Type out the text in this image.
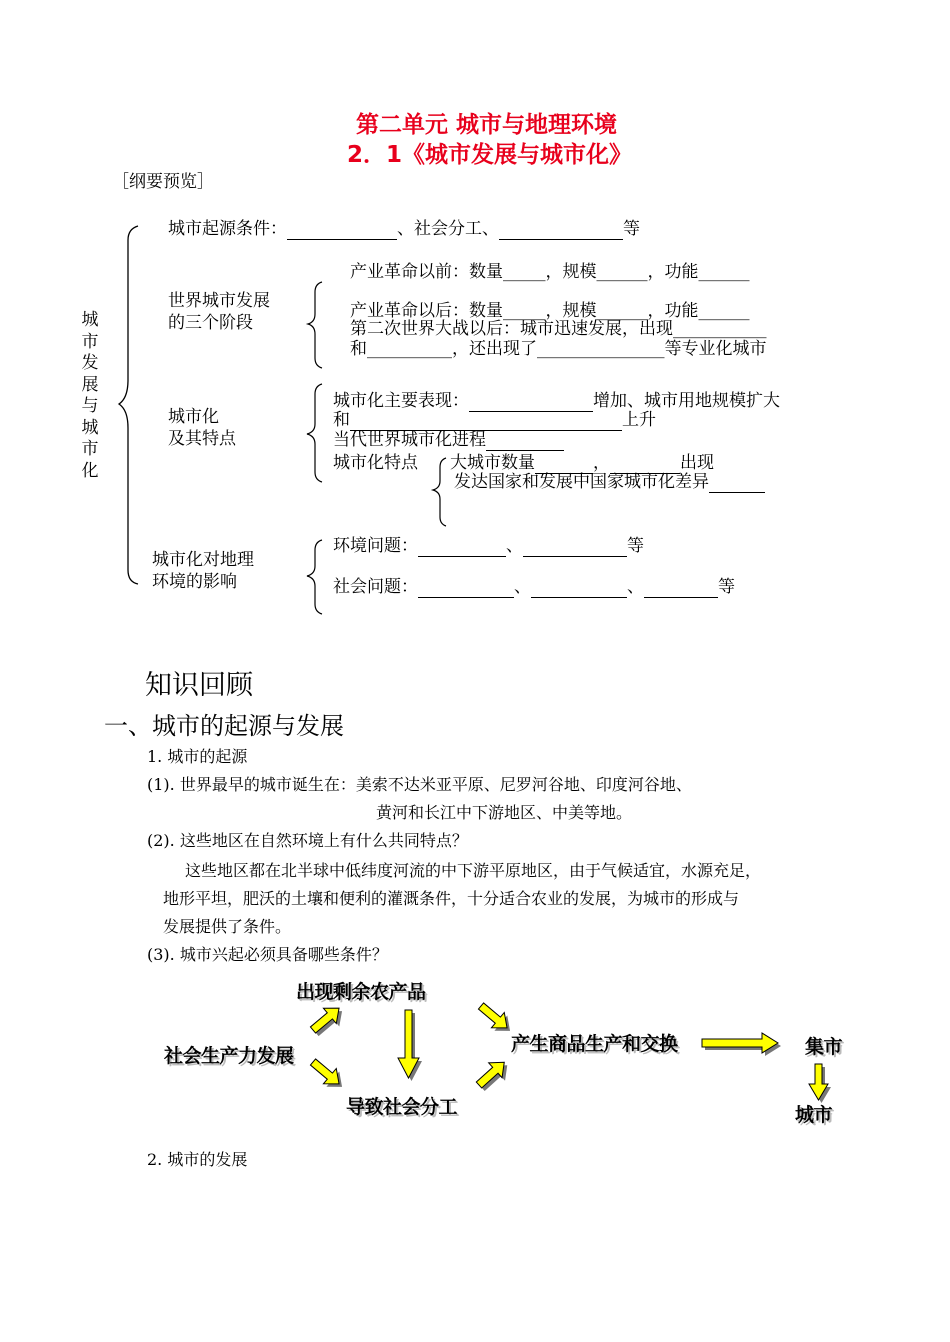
第二单元 城市与地理环境
2．1《城市发展与城市化》
［纲要预览］
城市发展与城市化
城市起源条件：	、社会分工、	等
世界城市发展
的三个阶段
产业革命以前：数量_____，规模______，功能______
产业革命以后：数量_____，规模______，功能______
第二次世界大战以后：城市迅速发展，出现___________
和__________，还出现了_______________等专业化城市
城市化
及其特点
城市化主要表现：	增加、城市用地规模扩大
和	上升
当代世界城市化进程
城市化特点 大城市数量	，	出现
发达国家和发展中国家城市化差异
城市化对地理
环境的影响
环境问题：	、	等
社会问题：	、	、	等
知识回顾
一、城市的起源与发展
1. 城市的起源
(1). 世界最早的城市诞生在：美索不达米亚平原、尼罗河谷地、印度河谷地、
黄河和长江中下游地区、中美等地。
(2). 这些地区在自然环境上有什么共同特点？
这些地区都在北半球中低纬度河流的中下游平原地区，由于气候适宜，水源充足，
地形平坦，肥沃的土壤和便利的灌溉条件，十分适合农业的发展，为城市的形成与
发展提供了条件。
(3). 城市兴起必须具备哪些条件？
出现剩余农产品
社会生产力发展
导致社会分工
产生商品生产和交换	集市
城市
2. 城市的发展
